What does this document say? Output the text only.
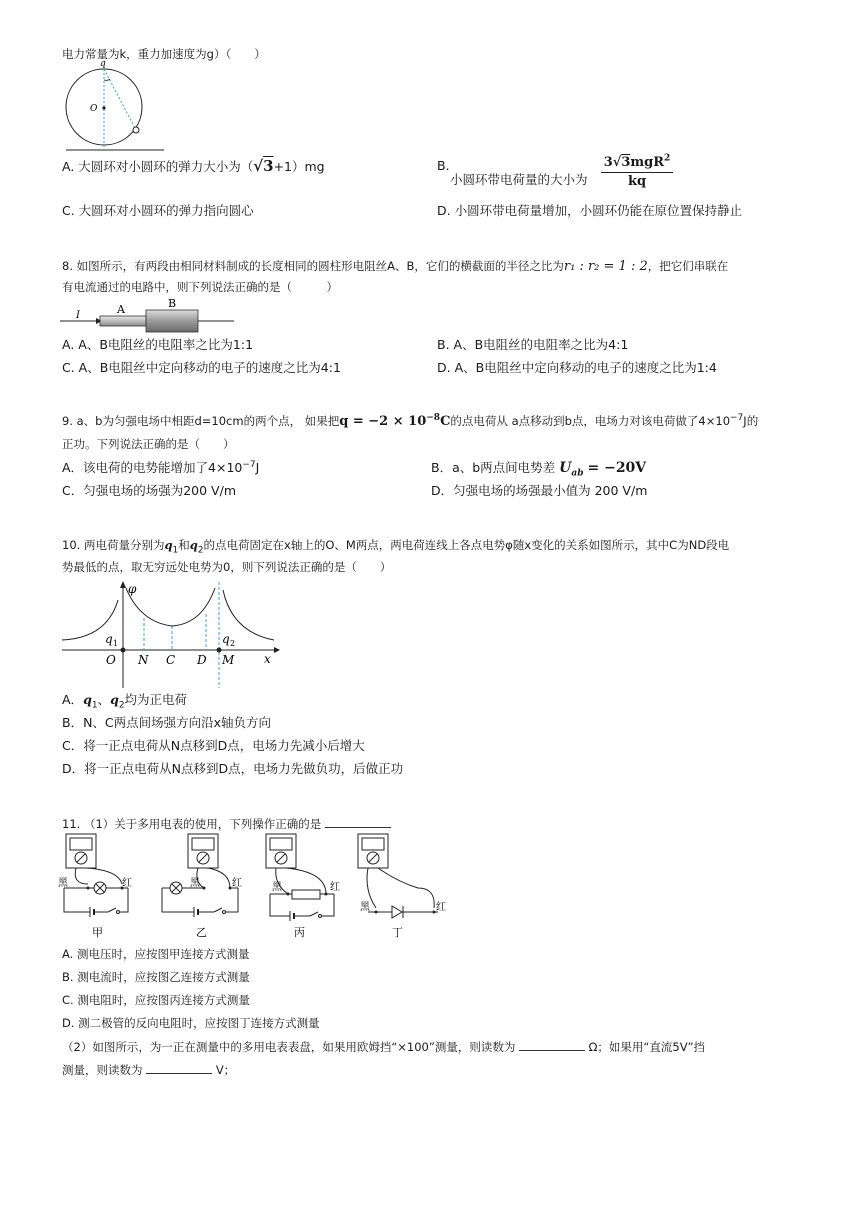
电力常量为k，重力加速度为g）（　　）
q
O
A. 大圆环对小圆环的弹力大小为（√3+1）mg	B.
小圆环带电荷量的大小为
3√3mgR$^2$
kq
C. 大圆环对小圆环的弹力指向圆心	D. 小圆环带电荷量增加，小圆环仍能在原位置保持静止
8. 如图所示，有两段由相同材料制成的长度相同的圆柱形电阻丝A、B，它们的横截面的半径之比为r₁ : r₂ = 1 : 2，把它们串联在
有电流通过的电路中，则下列说法正确的是（　　　）
I	A	B
A. A、B电阻丝的电阻率之比为1:1	B. A、B电阻丝的电阻率之比为4:1
C. A、B电阻丝中定向移动的电子的速度之比为4:1	D. A、B电阻丝中定向移动的电子的速度之比为1:4
9. a、b为匀强电场中相距d=10cm的两个点， 如果把$q = -2 \times 10^{-8}C$的点电荷从 a点移动到b点，电场力对该电荷做了$4\times 10^{-7}J$的
正功。下列说法正确的是（　　）
A．该电荷的电势能增加了$4\times 10^{-7}J$	B．a、b两点间电势差 $U_{ab} = -20V$
C．匀强电场的场强为200 V/m	D．匀强电场的场强最小值为 200 V/m
10. 两电荷量分别为$q_1$和$q_2$的点电荷固定在x轴上的O、M两点，两电荷连线上各点电势φ随x变化的关系如图所示，其中C为ND段电
势最低的点，取无穷远处电势为0，则下列说法正确的是（　　）
φ
q 1	q 2
O N C D M x
A．$q_1$、$q_2$均为正电荷
B．N、C两点间场强方向沿x轴负方向
C．将一正点电荷从N点移到D点，电场力先减小后增大
D．将一正点电荷从N点移到D点，电场力先做负功，后做正功
11. （1）关于多用电表的使用，下列操作正确的是
黑	红
甲
黑	红
乙
黑	红
丙
黑	红
丁
A. 测电压时，应按图甲连接方式测量
B. 测电流时，应按图乙连接方式测量
C. 测电阻时，应按图丙连接方式测量
D. 测二极管的反向电阻时，应按图丁连接方式测量
（2）如图所示，为一正在测量中的多用电表表盘，如果用欧姆挡“×100”测量，则读数为	Ω；如果用“直流5V”挡
测量，则读数为	V；
